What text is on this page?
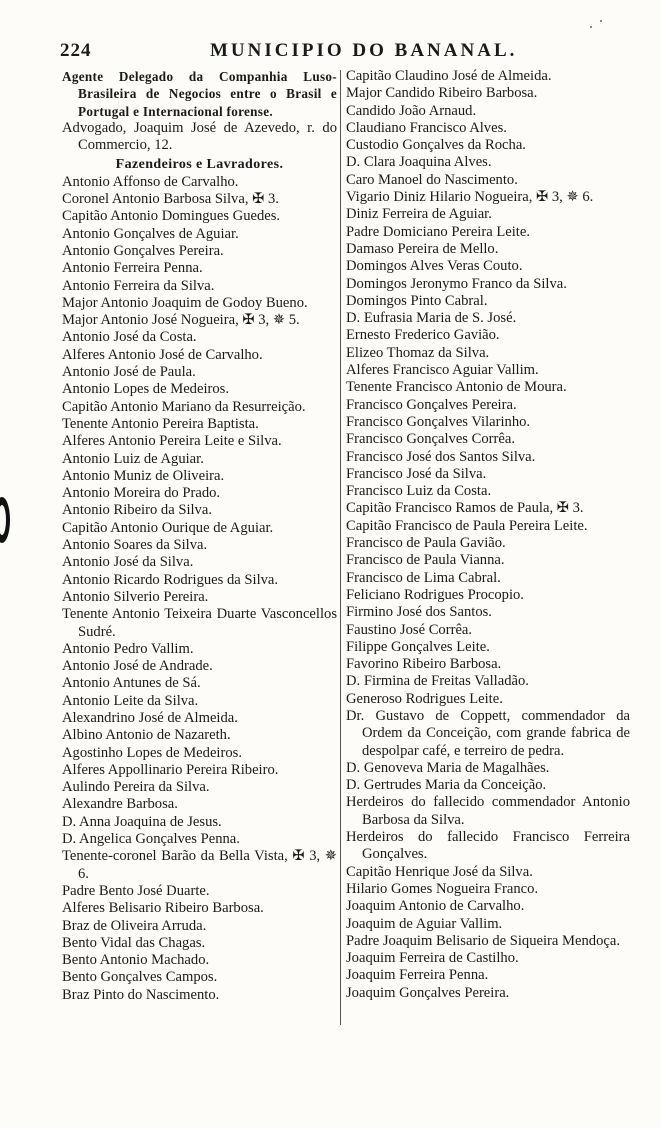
224	MUNICIPIO DO BANANAL.

Agente Delegado da Companhia Luso-Brasileira de Negocios entre o Brasil e Portugal e Internacional forense.

Advogado, Joaquim José de Azevedo, r. do Commercio, 12.

Fazendeiros e Lavradores.

Antonio Affonso de Carvalho.

Coronel Antonio Barbosa Silva, ✠ 3.

Capitão Antonio Domingues Guedes.

Antonio Gonçalves de Aguiar.

Antonio Gonçalves Pereira.

Antonio Ferreira Penna.

Antonio Ferreira da Silva.

Major Antonio Joaquim de Godoy Bueno.

Major Antonio José Nogueira, ✠ 3, ✵ 5.

Antonio José da Costa.

Alferes Antonio José de Carvalho.

Antonio José de Paula.

Antonio Lopes de Medeiros.

Capitão Antonio Mariano da Resurreição.

Tenente Antonio Pereira Baptista.

Alferes Antonio Pereira Leite e Silva.

Antonio Luiz de Aguiar.

Antonio Muniz de Oliveira.

Antonio Moreira do Prado.

Antonio Ribeiro da Silva.

Capitão Antonio Ourique de Aguiar.

Antonio Soares da Silva.

Antonio José da Silva.

Antonio Ricardo Rodrigues da Silva.

Antonio Silverio Pereira.

Tenente Antonio Teixeira Duarte Vasconcellos Sudré.

Antonio Pedro Vallim.

Antonio José de Andrade.

Antonio Antunes de Sá.

Antonio Leite da Silva.

Alexandrino José de Almeida.

Albino Antonio de Nazareth.

Agostinho Lopes de Medeiros.

Alferes Appollinario Pereira Ribeiro.

Aulindo Pereira da Silva.

Alexandre Barbosa.

D. Anna Joaquina de Jesus.

D. Angelica Gonçalves Penna.

Tenente-coronel Barão da Bella Vista, ✠ 3, ✵ 6.

Padre Bento José Duarte.

Alferes Belisario Ribeiro Barbosa.

Braz de Oliveira Arruda.

Bento Vidal das Chagas.

Bento Antonio Machado.

Bento Gonçalves Campos.

Braz Pinto do Nascimento.

Capitão Claudino José de Almeida.

Major Candido Ribeiro Barbosa.

Candido João Arnaud.

Claudiano Francisco Alves.

Custodio Gonçalves da Rocha.

D. Clara Joaquina Alves.

Caro Manoel do Nascimento.

Vigario Diniz Hilario Nogueira, ✠ 3, ✵ 6.

Diniz Ferreira de Aguiar.

Padre Domiciano Pereira Leite.

Damaso Pereira de Mello.

Domingos Alves Veras Couto.

Domingos Jeronymo Franco da Silva.

Domingos Pinto Cabral.

D. Eufrasia Maria de S. José.

Ernesto Frederico Gavião.

Elizeo Thomaz da Silva.

Alferes Francisco Aguiar Vallim.

Tenente Francisco Antonio de Moura.

Francisco Gonçalves Pereira.

Francisco Gonçalves Vilarinho.

Francisco Gonçalves Corrêa.

Francisco José dos Santos Silva.

Francisco José da Silva.

Francisco Luiz da Costa.

Capitão Francisco Ramos de Paula, ✠ 3.

Capitão Francisco de Paula Pereira Leite.

Francisco de Paula Gavião.

Francisco de Paula Vianna.

Francisco de Lima Cabral.

Feliciano Rodrigues Procopio.

Firmino José dos Santos.

Faustino José Corrêa.

Filippe Gonçalves Leite.

Favorino Ribeiro Barbosa.

D. Firmina de Freitas Valladão.

Generoso Rodrigues Leite.

Dr. Gustavo de Coppett, commendador da Ordem da Conceição, com grande fabrica de despolpar café, e terreiro de pedra.

D. Genoveva Maria de Magalhães.

D. Gertrudes Maria da Conceição.

Herdeiros do fallecido commendador Antonio Barbosa da Silva.

Herdeiros do fallecido Francisco Ferreira Gonçalves.

Capitão Henrique José da Silva.

Hilario Gomes Nogueira Franco.

Joaquim Antonio de Carvalho.

Joaquim de Aguiar Vallim.

Padre Joaquim Belisario de Siqueira Mendoça.

Joaquim Ferreira de Castilho.

Joaquim Ferreira Penna.

Joaquim Gonçalves Pereira.
